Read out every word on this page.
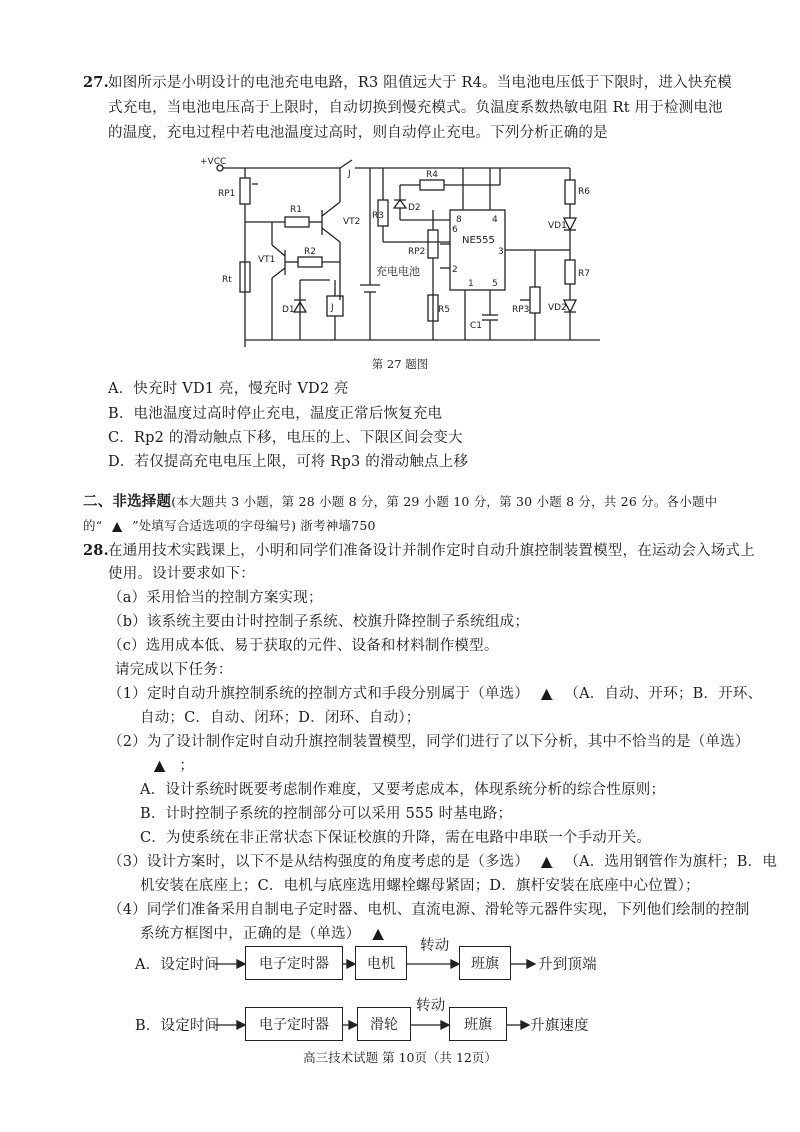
27. 如图所示是小明设计的电池充电电路，R3 阻值远大于 R4。当电池电压低于下限时，进入快充模
式充电，当电池电压高于上限时，自动切换到慢充模式。负温度系数热敏电阻 Rt 用于检测电池
的温度，充电过程中若电池温度过高时，则自动停止充电。下列分析正确的是
+VCC
RP1
Rt
R1
R2
VT1
VT2
D1	J
J
R3
R4
D2
RP2
R5
充电电池
NE555
8	4
6
2
3
1 5
C1
RP3
R6
VD1
R7
VD2
第 27 题图
A．快充时 VD1 亮，慢充时 VD2 亮
B．电池温度过高时停止充电，温度正常后恢复充电
C．Rp2 的滑动触点下移，电压的上、下限区间会变大
D．若仅提高充电电压上限，可将 Rp3 的滑动触点上移
二、非选择题(本大题共 3 小题，第 28 小题 8 分，第 29 小题 10 分，第 30 小题 8 分，共 26 分。各小题中
的“ ▲ ”处填写合适选项的字母编号) 浙考神墙750
28. 在通用技术实践课上，小明和同学们准备设计并制作定时自动升旗控制装置模型，在运动会入场式上
使用。设计要求如下：
（a）采用恰当的控制方案实现；
（b）该系统主要由计时控制子系统、校旗升降控制子系统组成；
（c）选用成本低、易于获取的元件、设备和材料制作模型。
请完成以下任务：
（1）定时自动升旗控制系统的控制方式和手段分别属于（单选） ▲ （A．自动、开环；B．开环、
自动；C．自动、闭环；D．闭环、自动）；
（2）为了设计制作定时自动升旗控制装置模型，同学们进行了以下分析，其中不恰当的是（单选）
▲ ；
A．设计系统时既要考虑制作难度，又要考虑成本，体现系统分析的综合性原则；
B．计时控制子系统的控制部分可以采用 555 时基电路；
C．为使系统在非正常状态下保证校旗的升降，需在电路中串联一个手动开关。
（3）设计方案时，以下不是从结构强度的角度考虑的是（多选） ▲ （A．选用钢管作为旗杆；B．电
机安装在底座上；C．电机与底座选用螺栓螺母紧固；D．旗杆安装在底座中心位置）；
（4）同学们准备采用自制电子定时器、电机、直流电源、滑轮等元器件实现，下列他们绘制的控制
系统方框图中，正确的是（单选） ▲
A．设定时间	电子定时器	电机
转动
班旗	升到顶端
B．设定时间	电子定时器	滑轮
转动
班旗	升旗速度
高三技术试题 第 10页（共 12页）
